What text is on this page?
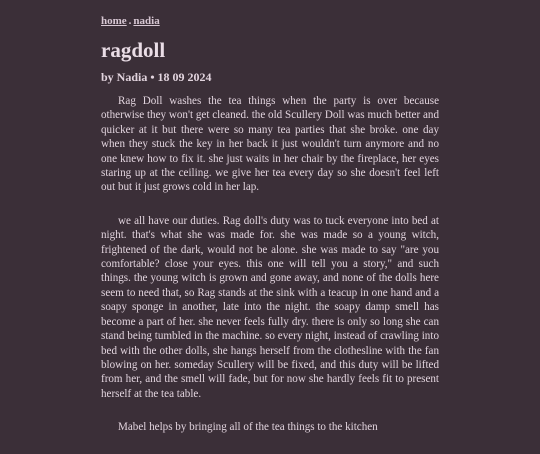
home . nadia
ragdoll
by Nadia • 18 09 2024

Rag Doll washes the tea things when the party is over because otherwise they won't get cleaned. the old Scullery Doll was much better and quicker at it but there were so many tea parties that she broke. one day when they stuck the key in her back it just wouldn't turn anymore and no one knew how to fix it. she just waits in her chair by the fireplace, her eyes staring up at the ceiling. we give her tea every day so she doesn't feel left out but it just grows cold in her lap.

we all have our duties. Rag doll's duty was to tuck everyone into bed at night. that's what she was made for. she was made so a young witch, frightened of the dark, would not be alone. she was made to say "are you comfortable? close your eyes. this one will tell you a story," and such things. the young witch is grown and gone away, and none of the dolls here seem to need that, so Rag stands at the sink with a teacup in one hand and a soapy sponge in another, late into the night. the soapy damp smell has become a part of her. she never feels fully dry. there is only so long she can stand being tumbled in the machine. so every night, instead of crawling into bed with the other dolls, she hangs herself from the clothesline with the fan blowing on her. someday Scullery will be fixed, and this duty will be lifted from her, and the smell will fade, but for now she hardly feels fit to present herself at the tea table.

Mabel helps by bringing all of the tea things to the kitchen
